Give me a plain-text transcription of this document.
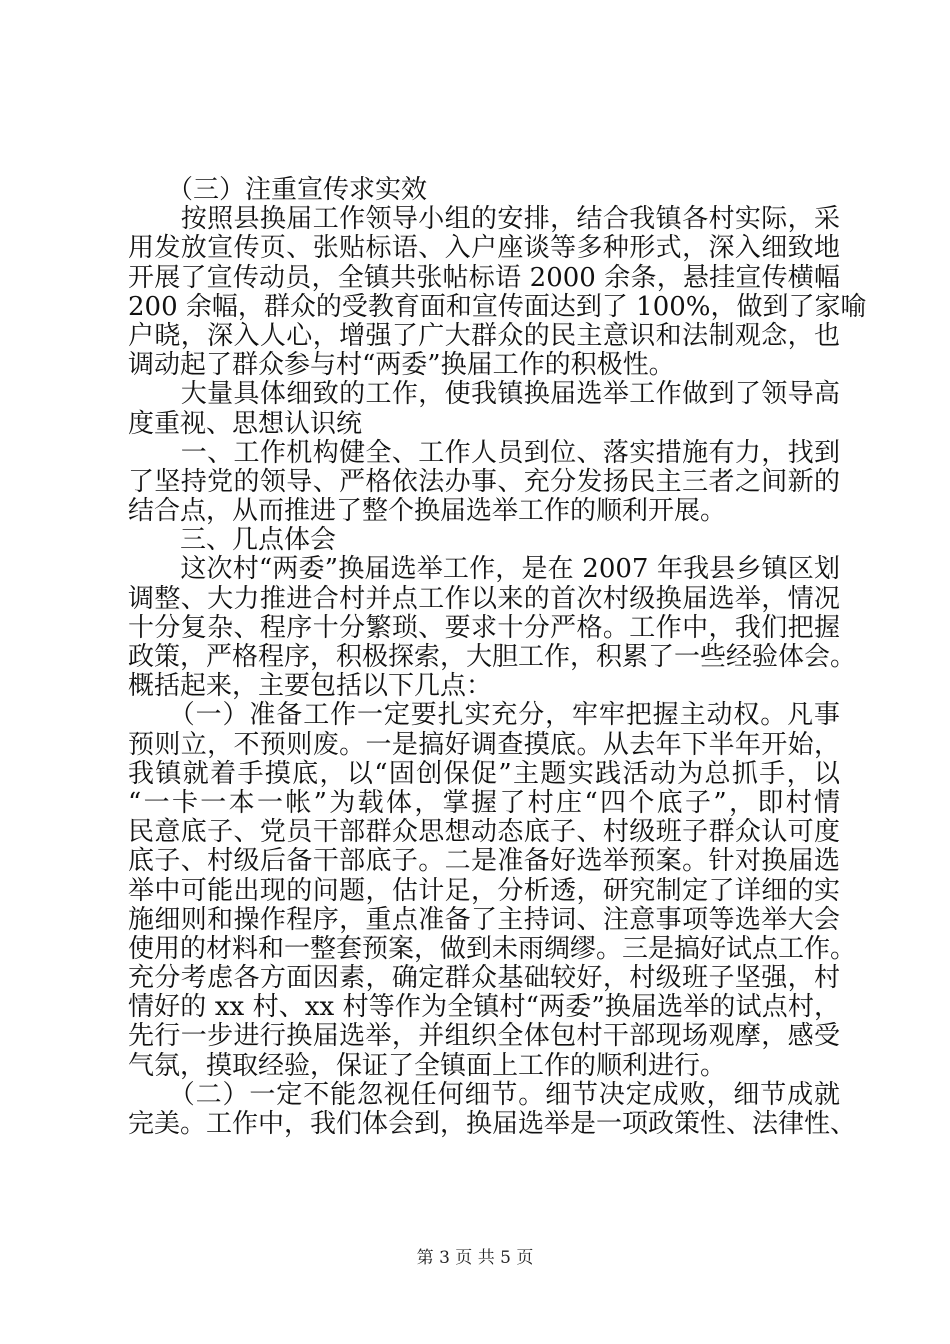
　　（三）注重宣传求实效
　　按照县换届工作领导小组的安排，结合我镇各村实际，采
用发放宣传页、张贴标语、入户座谈等多种形式，深入细致地
开展了宣传动员，全镇共张帖标语 2000 余条，悬挂宣传横幅
200 余幅，群众的受教育面和宣传面达到了 100%，做到了家喻
户晓，深入人心，增强了广大群众的民主意识和法制观念，也
调动起了群众参与村“两委”换届工作的积极性。
　　大量具体细致的工作，使我镇换届选举工作做到了领导高
度重视、思想认识统
　　一、工作机构健全、工作人员到位、落实措施有力，找到
了坚持党的领导、严格依法办事、充分发扬民主三者之间新的
结合点，从而推进了整个换届选举工作的顺利开展。
　　三、几点体会
　　这次村“两委”换届选举工作，是在 2007 年我县乡镇区划
调整、大力推进合村并点工作以来的首次村级换届选举，情况
十分复杂、程序十分繁琐、要求十分严格。工作中，我们把握
政策，严格程序，积极探索，大胆工作，积累了一些经验体会。
概括起来，主要包括以下几点：
　　（一）准备工作一定要扎实充分，牢牢把握主动权。凡事
预则立，不预则废。一是搞好调查摸底。从去年下半年开始，
我镇就着手摸底，以“固创保促”主题实践活动为总抓手，以
“一卡一本一帐”为载体，掌握了村庄“四个底子”，即村情
民意底子、党员干部群众思想动态底子、村级班子群众认可度
底子、村级后备干部底子。二是准备好选举预案。针对换届选
举中可能出现的问题，估计足，分析透，研究制定了详细的实
施细则和操作程序，重点准备了主持词、注意事项等选举大会
使用的材料和一整套预案，做到未雨绸缪。三是搞好试点工作。
充分考虑各方面因素，确定群众基础较好，村级班子坚强，村
情好的 xx 村、xx 村等作为全镇村“两委”换届选举的试点村，
先行一步进行换届选举，并组织全体包村干部现场观摩，感受
气氛，摸取经验，保证了全镇面上工作的顺利进行。
　　（二）一定不能忽视任何细节。细节决定成败，细节成就
完美。工作中，我们体会到，换届选举是一项政策性、法律性、
第 3 页 共 5 页
